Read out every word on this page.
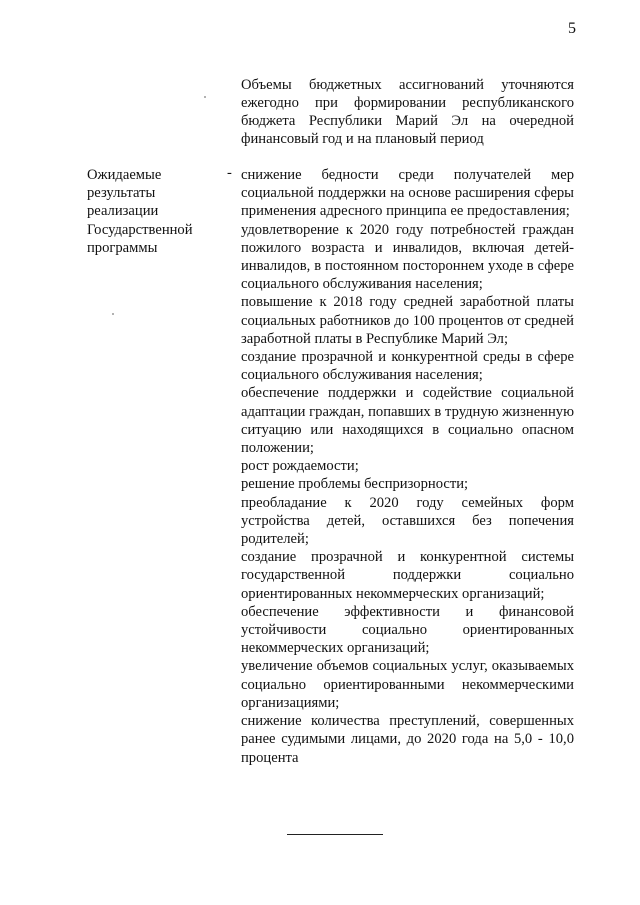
5
Объемы бюджетных ассигнований уточняются ежегодно при формировании республиканского бюджета Республики Марий Эл на очередной финансовый год и на плановый период
Ожидаемые
результаты
реализации
Государственной
программы
- снижение бедности среди получателей мер социальной поддержки на основе расширения сферы применения адресного принципа ее предоставления;
удовлетворение к 2020 году потребностей граждан пожилого возраста и инвалидов, включая детей-инвалидов, в постоянном постороннем уходе в сфере социального обслуживания населения;
повышение к 2018 году средней заработной платы социальных работников до 100 процентов от средней заработной платы в Республике Марий Эл;
создание прозрачной и конкурентной среды в сфере социального обслуживания населения;
обеспечение поддержки и содействие социальной адаптации граждан, попавших в трудную жизненную ситуацию или находящихся в социально опасном положении;
рост рождаемости;
решение проблемы беспризорности;
преобладание к 2020 году семейных форм устройства детей, оставшихся без попечения родителей;
создание прозрачной и конкурентной системы государственной поддержки социально ориентированных некоммерческих организаций;
обеспечение эффективности и финансовой устойчивости социально ориентированных некоммерческих организаций;
увеличение объемов социальных услуг, оказываемых социально ориентированными некоммерческими организациями;
снижение количества преступлений, совершенных ранее судимыми лицами, до 2020 года на 5,0 - 10,0 процента
